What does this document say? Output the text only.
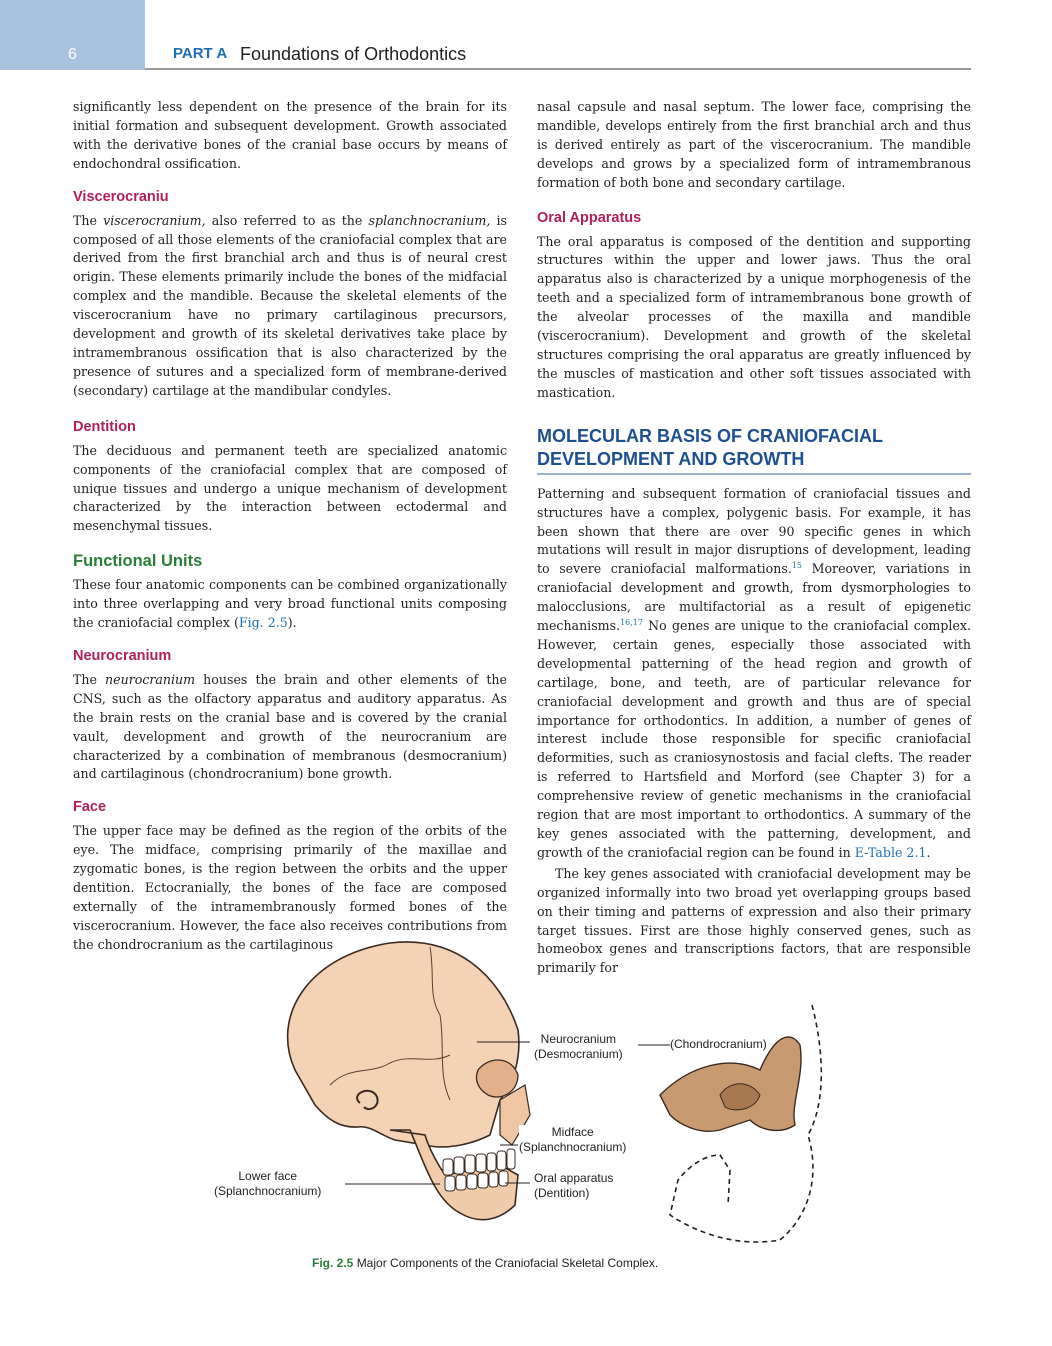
6	PART A Foundations of Orthodontics

significantly less dependent on the presence of the brain for its initial formation and subsequent development. Growth associated with the derivative bones of the cranial base occurs by means of endochondral ossification.

Viscerocraniu

The viscerocranium, also referred to as the splanchnocranium, is composed of all those elements of the craniofacial complex that are derived from the first branchial arch and thus is of neural crest origin. These elements primarily include the bones of the midfacial complex and the mandible. Because the skeletal elements of the viscerocranium have no primary cartilaginous precursors, development and growth of its skeletal derivatives take place by intramembranous ossification that is also characterized by the presence of sutures and a specialized form of membrane-derived (secondary) cartilage at the mandibular condyles.

Dentition

The deciduous and permanent teeth are specialized anatomic components of the craniofacial complex that are composed of unique tissues and undergo a unique mechanism of development characterized by the interaction between ectodermal and mesenchymal tissues.

Functional Units

These four anatomic components can be combined organizationally into three overlapping and very broad functional units composing the craniofacial complex (Fig. 2.5).

Neurocranium

The neurocranium houses the brain and other elements of the CNS, such as the olfactory apparatus and auditory apparatus. As the brain rests on the cranial base and is covered by the cranial vault, development and growth of the neurocranium are characterized by a combination of membranous (desmocranium) and cartilaginous (chondrocranium) bone growth.

Face

The upper face may be defined as the region of the orbits of the eye. The midface, comprising primarily of the maxillae and zygomatic bones, is the region between the orbits and the upper dentition. Ectocranially, the bones of the face are composed externally of the intramembranously formed bones of the viscerocranium. However, the face also receives contributions from the chondrocranium as the cartilaginous

nasal capsule and nasal septum. The lower face, comprising the mandible, develops entirely from the first branchial arch and thus is derived entirely as part of the viscerocranium. The mandible develops and grows by a specialized form of intramembranous formation of both bone and secondary cartilage.

Oral Apparatus

The oral apparatus is composed of the dentition and supporting structures within the upper and lower jaws. Thus the oral apparatus also is characterized by a unique morphogenesis of the teeth and a specialized form of intramembranous bone growth of the alveolar processes of the maxilla and mandible (viscerocranium). Development and growth of the skeletal structures comprising the oral apparatus are greatly influenced by the muscles of mastication and other soft tissues associated with mastication.

MOLECULAR BASIS OF CRANIOFACIAL
DEVELOPMENT AND GROWTH

Patterning and subsequent formation of craniofacial tissues and structures have a complex, polygenic basis. For example, it has been shown that there are over 90 specific genes in which mutations will result in major disruptions of development, leading to severe craniofacial malformations.$^{15}$ Moreover, variations in craniofacial development and growth, from dysmorphologies to malocclusions, are multifactorial as a result of epigenetic mechanisms.$^{16,17}$ No genes are unique to the craniofacial complex. However, certain genes, especially those associated with developmental patterning of the head region and growth of cartilage, bone, and teeth, are of particular relevance for craniofacial development and growth and thus are of special importance for orthodontics. In addition, a number of genes of interest include those responsible for specific craniofacial deformities, such as craniosynostosis and facial clefts. The reader is referred to Hartsfield and Morford (see Chapter 3) for a comprehensive review of genetic mechanisms in the craniofacial region that are most important to orthodontics. A summary of the key genes associated with the patterning, development, and growth of the craniofacial region can be found in E-Table 2.1.

The key genes associated with craniofacial development may be organized informally into two broad yet overlapping groups based on their timing and patterns of expression and also their primary target tissues. First are those highly conserved genes, such as homeobox genes and transcriptions factors, that are responsible primarily for

Neurocranium
(Desmocranium)
(Chondrocranium)
Midface
(Splanchnocranium)
Lower face
(Splanchnocranium)
Oral apparatus
(Dentition)
Fig. 2.5 Major Components of the Craniofacial Skeletal Complex.
